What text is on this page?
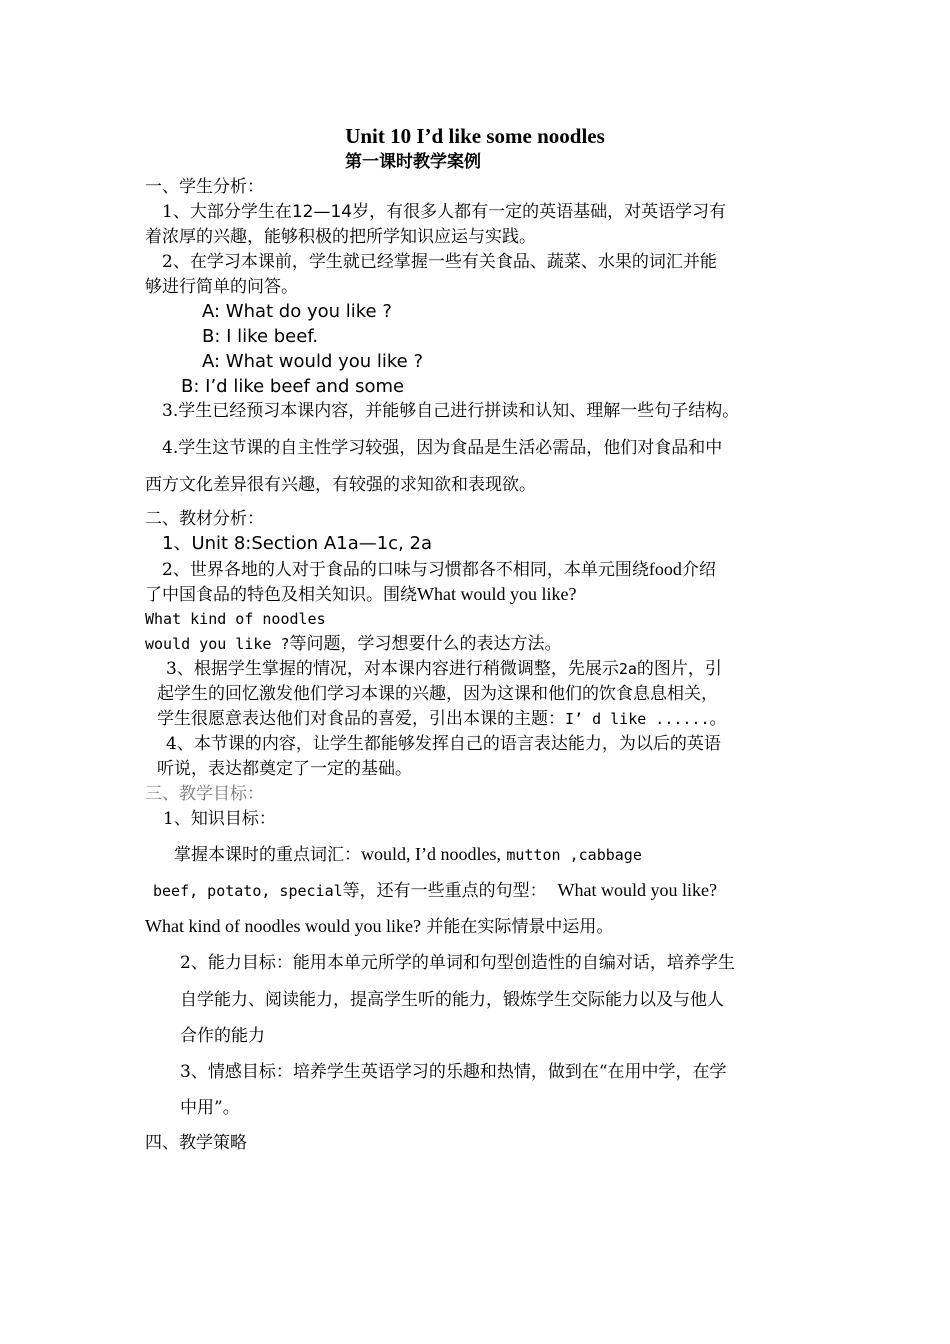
Unit 10 I’d like some noodles
第一课时教学案例
一、学生分析：
1、大部分学生在12—14岁，有很多人都有一定的英语基础，对英语学习有
着浓厚的兴趣，能够积极的把所学知识应运与实践。
2、在学习本课前，学生就已经掌握一些有关食品、蔬菜、水果的词汇并能
够进行简单的问答。
A: What do you like ?
B: I like beef.
A: What would you like ?
B: I’d like beef and some
3.学生已经预习本课内容，并能够自己进行拼读和认知、理解一些句子结构。
4.学生这节课的自主性学习较强，因为食品是生活必需品，他们对食品和中
西方文化差异很有兴趣，有较强的求知欲和表现欲。
二、教材分析：
1、Unit 8:Section A1a—1c, 2a
2、世界各地的人对于食品的口味与习惯都各不相同，本单元围绕food介绍
了中国食品的特色及相关知识。围绕What would you like?
What kind of noodles
would you like ?等问题，学习想要什么的表达方法。
3、根据学生掌握的情况，对本课内容进行稍微调整，先展示2a的图片，引
起学生的回忆激发他们学习本课的兴趣，因为这课和他们的饮食息息相关，
学生很愿意表达他们对食品的喜爱，引出本课的主题：I’ d like ......。
4、本节课的内容，让学生都能够发挥自己的语言表达能力，为以后的英语
听说，表达都奠定了一定的基础。
三、教学目标：
1、知识目标：
掌握本课时的重点词汇：would, I’d noodles, mutton ,cabbage
beef, potato, special等，还有一些重点的句型： What would you like?
What kind of noodles would you like? 并能在实际情景中运用。
2、能力目标：能用本单元所学的单词和句型创造性的自编对话，培养学生
自学能力、阅读能力，提高学生听的能力，锻炼学生交际能力以及与他人
合作的能力
3、情感目标：培养学生英语学习的乐趣和热情，做到在“在用中学，在学
中用”。
四、教学策略
